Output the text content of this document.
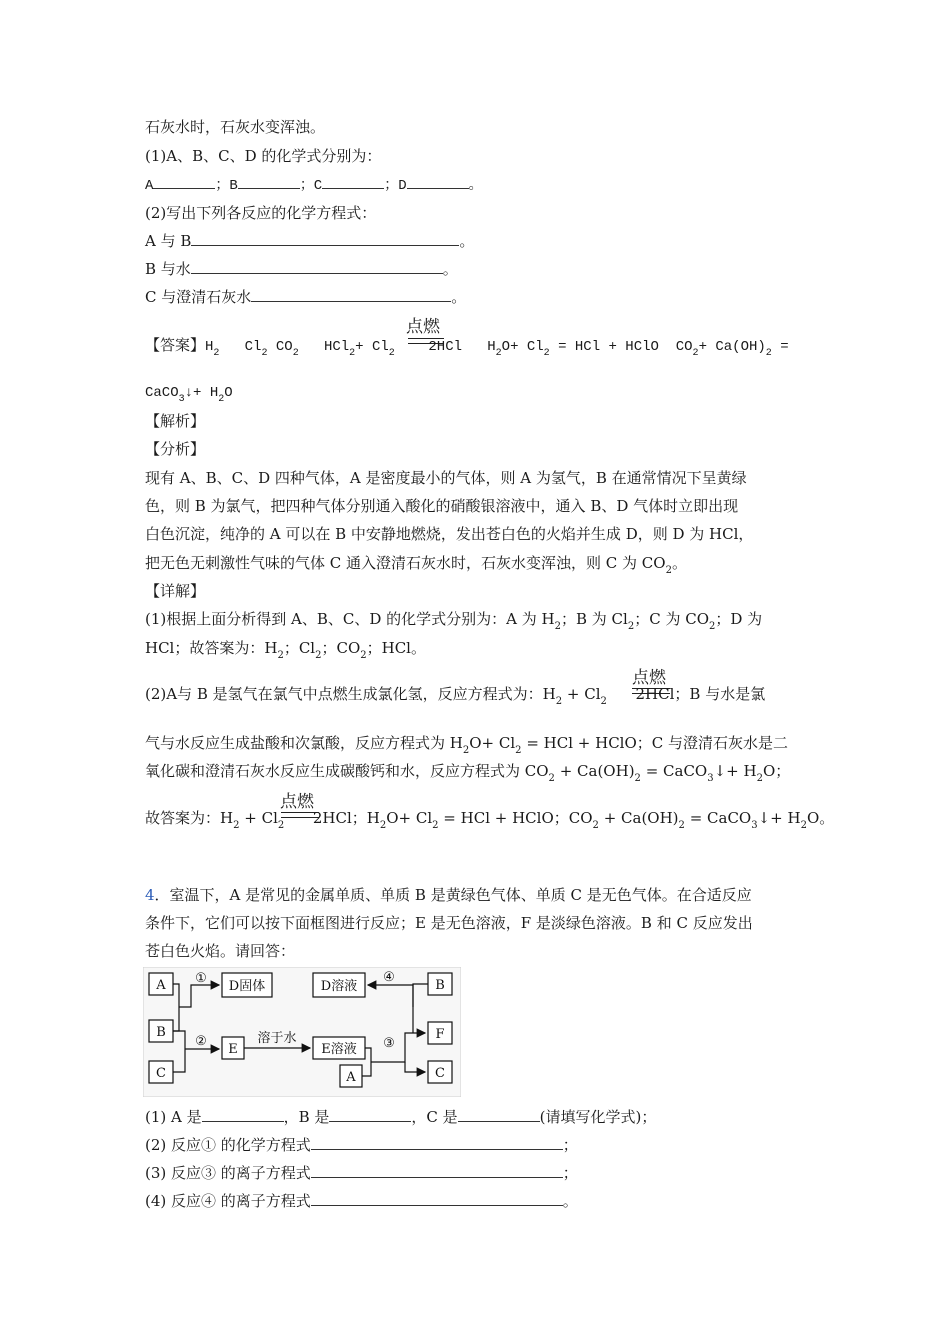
石灰水时，石灰水变浑浊。
(1)A、B、C、D 的化学式分别为：
A	；B	；C	；D	。
(2)写出下列各反应的化学方程式：
A 与 B	。
B 与水	。
C 与澄清石灰水	。
点燃
【答案】$H_2$ $Cl_2$ $CO_2$ $HCl_2+ Cl_2$ 2HCl $H_2O+ Cl_2$ = HCl + HClO $CO_2+ Ca(OH)_2$ =
CaCO$_3$↓+ $H_2O$
【解析】
【分析】
现有 A、B、C、D 四种气体，A 是密度最小的气体，则 A 为氢气，B 在通常情况下呈黄绿
色，则 B 为氯气，把四种气体分别通入酸化的硝酸银溶液中，通入 B、D 气体时立即出现
白色沉淀，纯净的 A 可以在 B 中安静地燃烧，发出苍白色的火焰并生成 D，则 D 为 HCl，
把无色无刺激性气味的气体 C 通入澄清石灰水时，石灰水变浑浊，则 C 为 $CO_2$。
【详解】
(1)根据上面分析得到 A、B、C、D 的化学式分别为：A 为 $H_2$；B 为 $Cl_2$；C 为 $CO_2$；D 为
HCl；故答案为：$H_2$；$Cl_2$；$CO_2$；HCl。
点燃
(2)A与 B 是氢气在氯气中点燃生成氯化氢，反应方程式为：$H_2 + Cl_2$ 2HCl；B 与水是氯
气与水反应生成盐酸和次氯酸，反应方程式为 $H_2O+ Cl_2$ = HCl + HClO；C 与澄清石灰水是二
氧化碳和澄清石灰水反应生成碳酸钙和水，反应方程式为 $CO_2 + Ca(OH)_2$ = CaCO$_3$↓+ $H_2O$；
点燃
故答案为：$H_2 + Cl_2$ 2HCl；$H_2O+ Cl_2$ = HCl + HClO；$CO_2 + Ca(OH)_2$ = CaCO$_3$↓+ $H_2O$。
4．室温下，A 是常见的金属单质、单质 B 是黄绿色气体、单质 C 是无色气体。在合适反应
条件下，它们可以按下面框图进行反应；E 是无色溶液，F 是淡绿色溶液。B 和 C 反应发出
苍白色火焰。请回答：
A
B
C
D固体
E
D溶液
E溶液
A
B
F
C
溶于水
①
②	③
④
(1) A 是	，B 是	，C 是	(请填写化学式)；
(2) 反应① 的化学方程式	；
(3) 反应③ 的离子方程式	；
(4) 反应④ 的离子方程式	。
